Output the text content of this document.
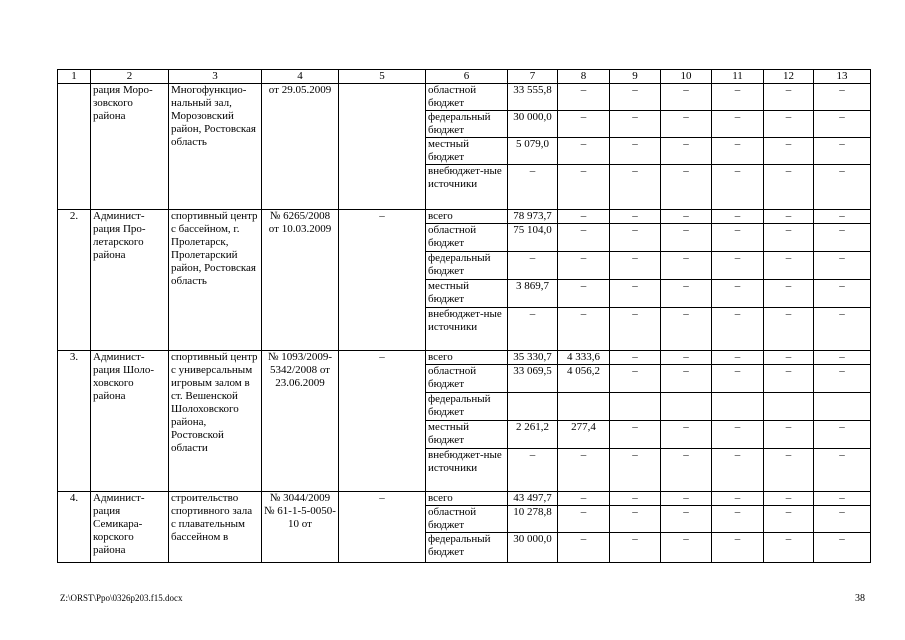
1	2	3	4	5	6	7	8	9	10	11	12	13
	рация Моро-зовского района	Многофункцио-нальный зал, Морозовский район, Ростовская область	от 29.05.2009		областной бюджет	33 555,8	–	–	–	–	–	–
					федеральный бюджет	30 000,0	–	–	–	–	–	–
					местный бюджет	5 079,0	–	–	–	–	–	–
					внебюджет-ные источники	–	–	–	–	–	–	–
2.	Админист-рация Про-летарского района	спортивный центр с бассейном, г. Пролетарск, Пролетарский район, Ростовская область	№ 6265/2008 от 10.03.2009	–	всего	78 973,7	–	–	–	–	–	–
					областной бюджет	75 104,0	–	–	–	–	–	–
					федеральный бюджет	–	–	–	–	–	–	–
					местный бюджет	3 869,7	–	–	–	–	–	–
					внебюджет-ные источники	–	–	–	–	–	–	–
3.	Админист-рация Шоло-ховского района	спортивный центр с универсальным игровым залом в ст. Вешенской Шолоховского района, Ростовской области	№ 1093/2009-5342/2008 от 23.06.2009	–	всего	35 330,7	4 333,6	–	–	–	–	–
					областной бюджет	33 069,5	4 056,2	–	–	–	–	–
					федеральный бюджет							
					местный бюджет	2 261,2	277,4	–	–	–	–	–
					внебюджет-ные источники	–	–	–	–	–	–	–
4.	Админист-рация Семикара-корского района	строительство спортивного зала с плавательным бассейном в	№ 3044/2009 № 61-1-5-0050-10 от	–	всего	43 497,7	–	–	–	–	–	–
					областной бюджет	10 278,8	–	–	–	–	–	–
					федеральный бюджет	30 000,0	–	–	–	–	–	–
Z:\ORST\Ppo\0326p203.f15.docx	38
